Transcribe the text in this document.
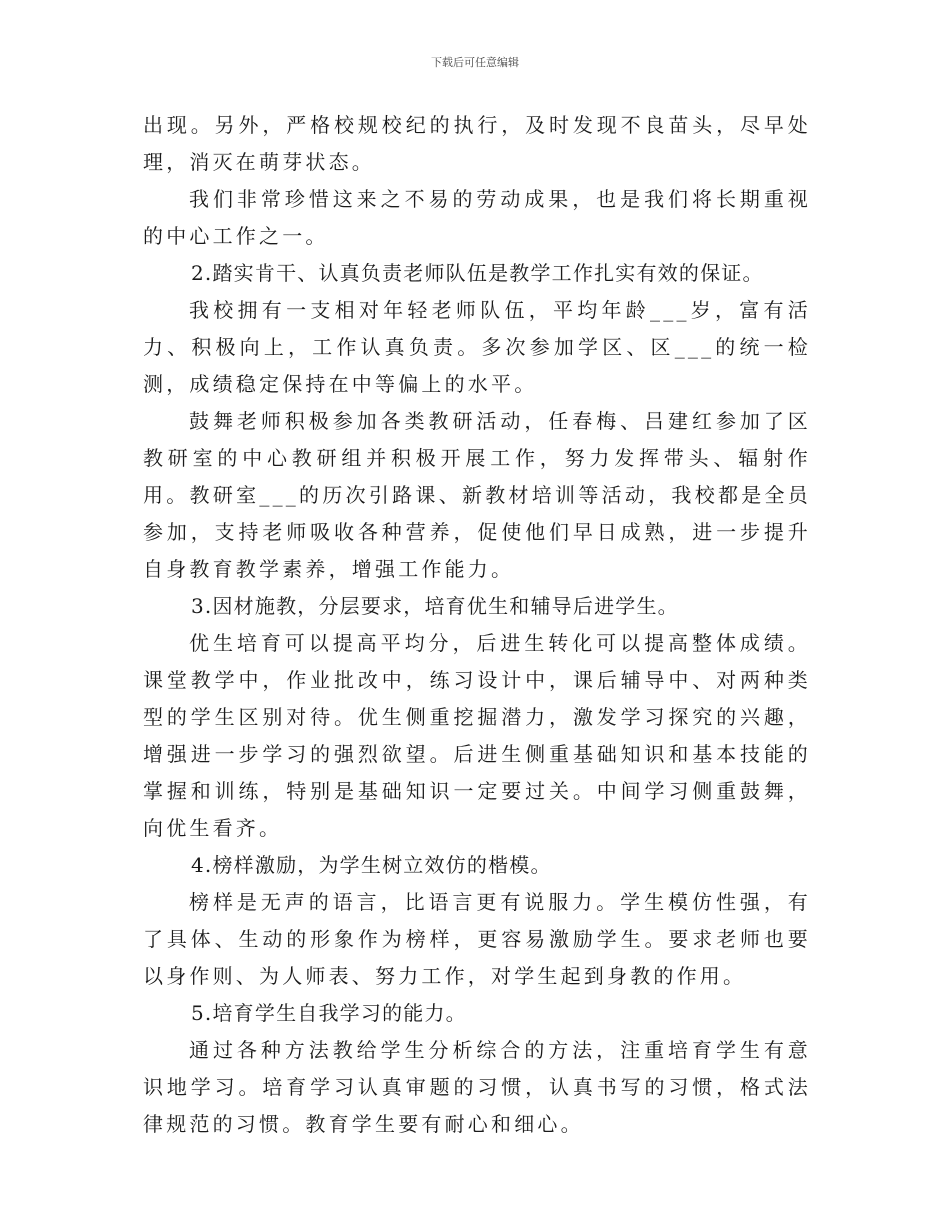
下载后可任意编辑

出现。另外，严格校规校纪的执行，及时发现不良苗头，尽早处理，消灭在萌芽状态。

我们非常珍惜这来之不易的劳动成果，也是我们将长期重视的中心工作之一。

2.踏实肯干、认真负责老师队伍是教学工作扎实有效的保证。

我校拥有一支相对年轻老师队伍，平均年龄___岁，富有活力、积极向上，工作认真负责。多次参加学区、区___的统一检测，成绩稳定保持在中等偏上的水平。

鼓舞老师积极参加各类教研活动，任春梅、吕建红参加了区教研室的中心教研组并积极开展工作，努力发挥带头、辐射作用。教研室___的历次引路课、新教材培训等活动，我校都是全员参加，支持老师吸收各种营养，促使他们早日成熟，进一步提升自身教育教学素养，增强工作能力。

3.因材施教，分层要求，培育优生和辅导后进学生。

优生培育可以提高平均分，后进生转化可以提高整体成绩。课堂教学中，作业批改中，练习设计中，课后辅导中、对两种类型的学生区别对待。优生侧重挖掘潜力，激发学习探究的兴趣，增强进一步学习的强烈欲望。后进生侧重基础知识和基本技能的掌握和训练，特别是基础知识一定要过关。中间学习侧重鼓舞，向优生看齐。

4.榜样激励，为学生树立效仿的楷模。

榜样是无声的语言，比语言更有说服力。学生模仿性强，有了具体、生动的形象作为榜样，更容易激励学生。要求老师也要以身作则、为人师表、努力工作，对学生起到身教的作用。

5.培育学生自我学习的能力。

通过各种方法教给学生分析综合的方法，注重培育学生有意识地学习。培育学习认真审题的习惯，认真书写的习惯，格式法律规范的习惯。教育学生要有耐心和细心。
